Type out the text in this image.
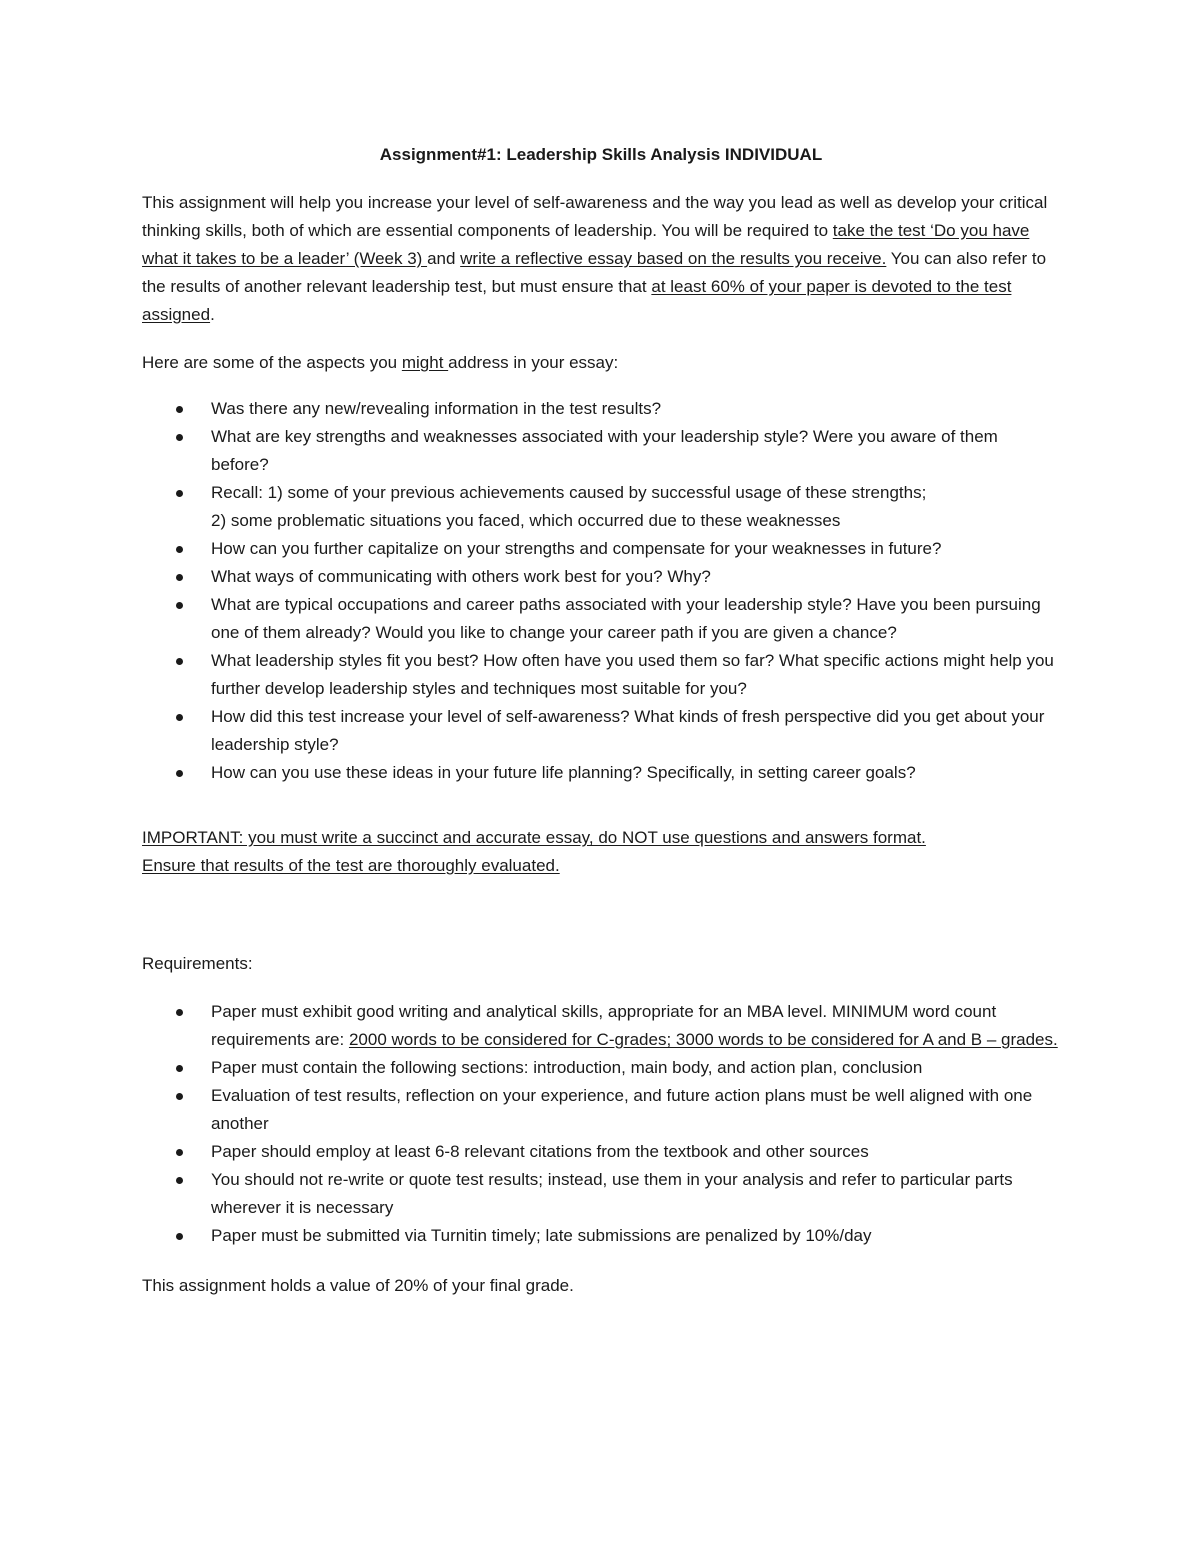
Assignment#1: Leadership Skills Analysis INDIVIDUAL

This assignment will help you increase your level of self-awareness and the way you lead as well as develop your critical thinking skills, both of which are essential components of leadership. You will be required to take the test ‘Do you have what it takes to be a leader’ (Week 3) and write a reflective essay based on the results you receive. You can also refer to the results of another relevant leadership test, but must ensure that at least 60% of your paper is devoted to the test assigned.

Here are some of the aspects you might address in your essay:

Was there any new/revealing information in the test results?
What are key strengths and weaknesses associated with your leadership style? Were you aware of them before?
Recall: 1) some of your previous achievements caused by successful usage of these strengths;
2) some problematic situations you faced, which occurred due to these weaknesses
How can you further capitalize on your strengths and compensate for your weaknesses in future?
What ways of communicating with others work best for you? Why?
What are typical occupations and career paths associated with your leadership style? Have you been pursuing one of them already? Would you like to change your career path if you are given a chance?
What leadership styles fit you best? How often have you used them so far? What specific actions might help you further develop leadership styles and techniques most suitable for you?
How did this test increase your level of self-awareness? What kinds of fresh perspective did you get about your leadership style?
How can you use these ideas in your future life planning? Specifically, in setting career goals?

IMPORTANT: you must write a succinct and accurate essay, do NOT use questions and answers format.
Ensure that results of the test are thoroughly evaluated.

Requirements:

Paper must exhibit good writing and analytical skills, appropriate for an MBA level. MINIMUM word count requirements are: 2000 words to be considered for C-grades; 3000 words to be considered for A and B – grades.
Paper must contain the following sections: introduction, main body, and action plan, conclusion
Evaluation of test results, reflection on your experience, and future action plans must be well aligned with one another
Paper should employ at least 6-8 relevant citations from the textbook and other sources
You should not re-write or quote test results; instead, use them in your analysis and refer to particular parts wherever it is necessary
Paper must be submitted via Turnitin timely; late submissions are penalized by 10%/day

This assignment holds a value of 20% of your final grade.
